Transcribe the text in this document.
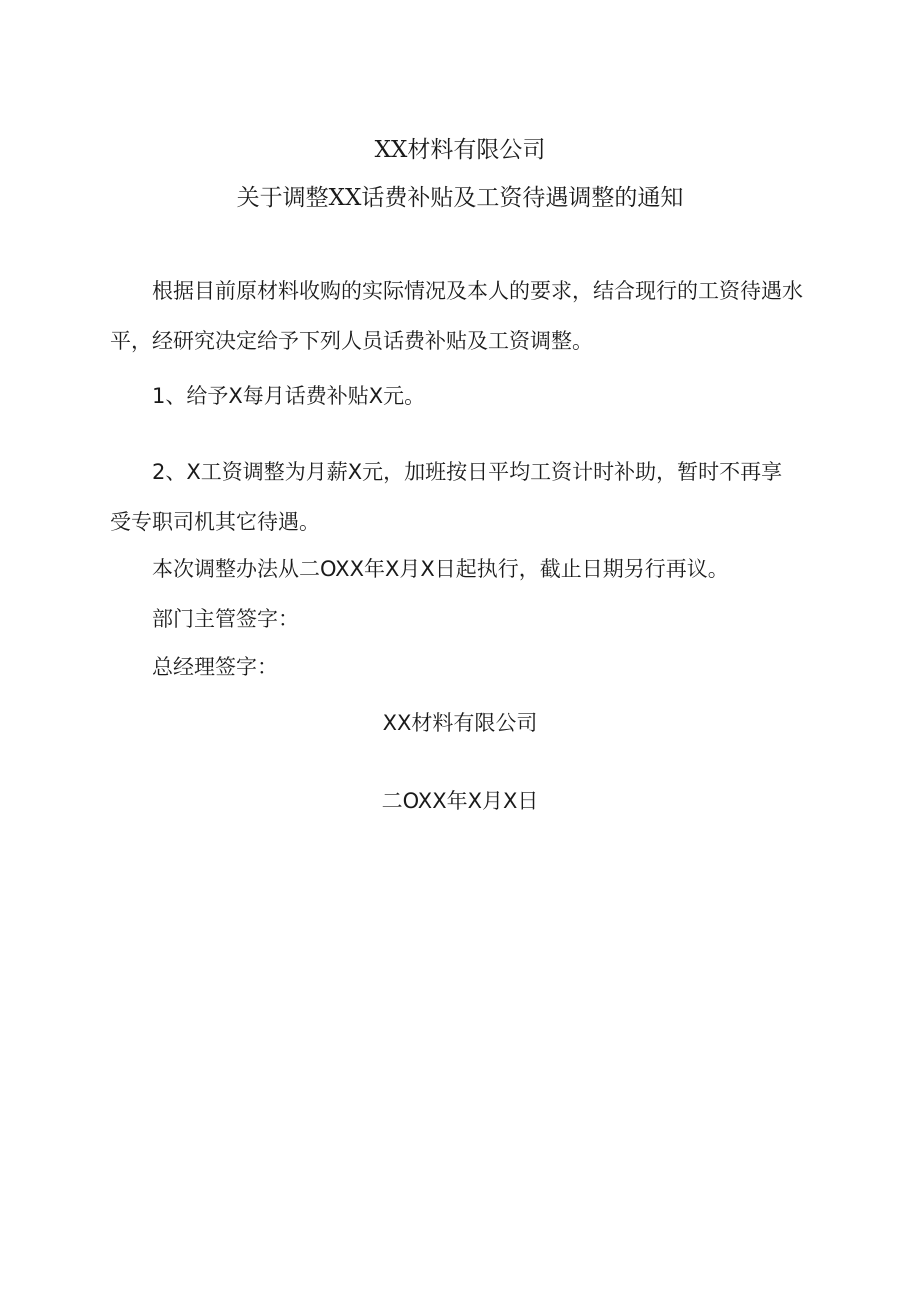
XX材料有限公司
关于调整XX话费补贴及工资待遇调整的通知
根据目前原材料收购的实际情况及本人的要求，结合现行的工资待遇水
平，经研究决定给予下列人员话费补贴及工资调整。
1、给予X每月话费补贴X元。
2、X工资调整为月薪X元，加班按日平均工资计时补助，暂时不再享
受专职司机其它待遇。
本次调整办法从二OXX年X月X日起执行，截止日期另行再议。
部门主管签字：
总经理签字：
XX材料有限公司
二OXX年X月X日
